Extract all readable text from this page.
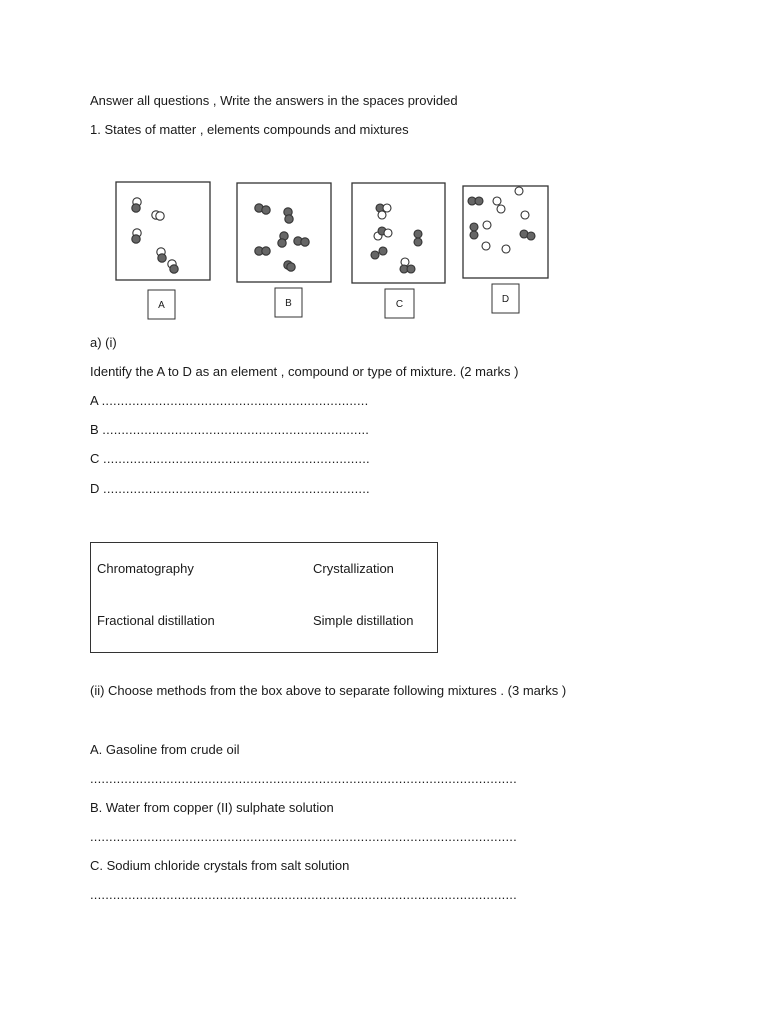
Answer all questions , Write the answers in the spaces provided
1. States of matter , elements compounds and mixtures
A	B	C	D
a) (i)
Identify the A to D as an element , compound or type of mixture. (2 marks )
A ......................................................................
B ......................................................................
C ......................................................................
D ......................................................................
Chromatography	Crystallization
Fractional distillation	Simple distillation
(ii) Choose methods from the box above to separate following mixtures . (3 marks )
A. Gasoline from crude oil
................................................................................................................
B. Water from copper (II) sulphate solution
................................................................................................................
C. Sodium chloride crystals from salt solution
................................................................................................................
